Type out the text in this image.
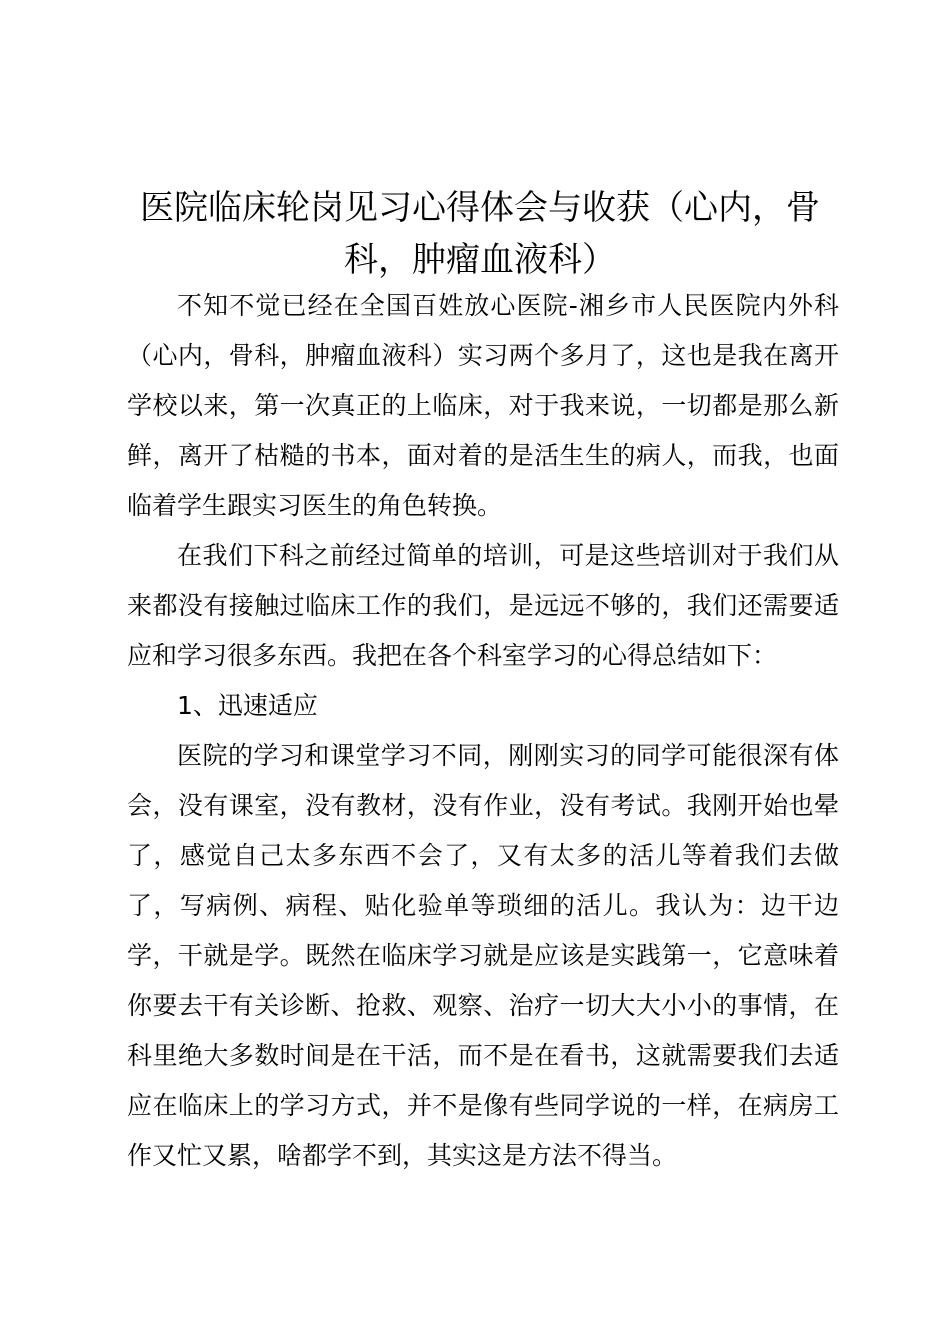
医院临床轮岗见习心得体会与收获（心内，骨科，肿瘤血液科）

不知不觉已经在全国百姓放心医院-湘乡市人民医院内外科（心内，骨科，肿瘤血液科）实习两个多月了，这也是我在离开学校以来，第一次真正的上临床，对于我来说，一切都是那么新鲜，离开了枯糙的书本，面对着的是活生生的病人，而我，也面临着学生跟实习医生的角色转换。

在我们下科之前经过简单的培训，可是这些培训对于我们从来都没有接触过临床工作的我们，是远远不够的，我们还需要适应和学习很多东西。我把在各个科室学习的心得总结如下：

1、迅速适应

医院的学习和课堂学习不同，刚刚实习的同学可能很深有体会，没有课室，没有教材，没有作业，没有考试。我刚开始也晕了，感觉自己太多东西不会了，又有太多的活儿等着我们去做了，写病例、病程、贴化验单等琐细的活儿。我认为：边干边学，干就是学。既然在临床学习就是应该是实践第一，它意味着你要去干有关诊断、抢救、观察、治疗一切大大小小的事情，在科里绝大多数时间是在干活，而不是在看书，这就需要我们去适应在临床上的学习方式，并不是像有些同学说的一样，在病房工作又忙又累，啥都学不到，其实这是方法不得当。
